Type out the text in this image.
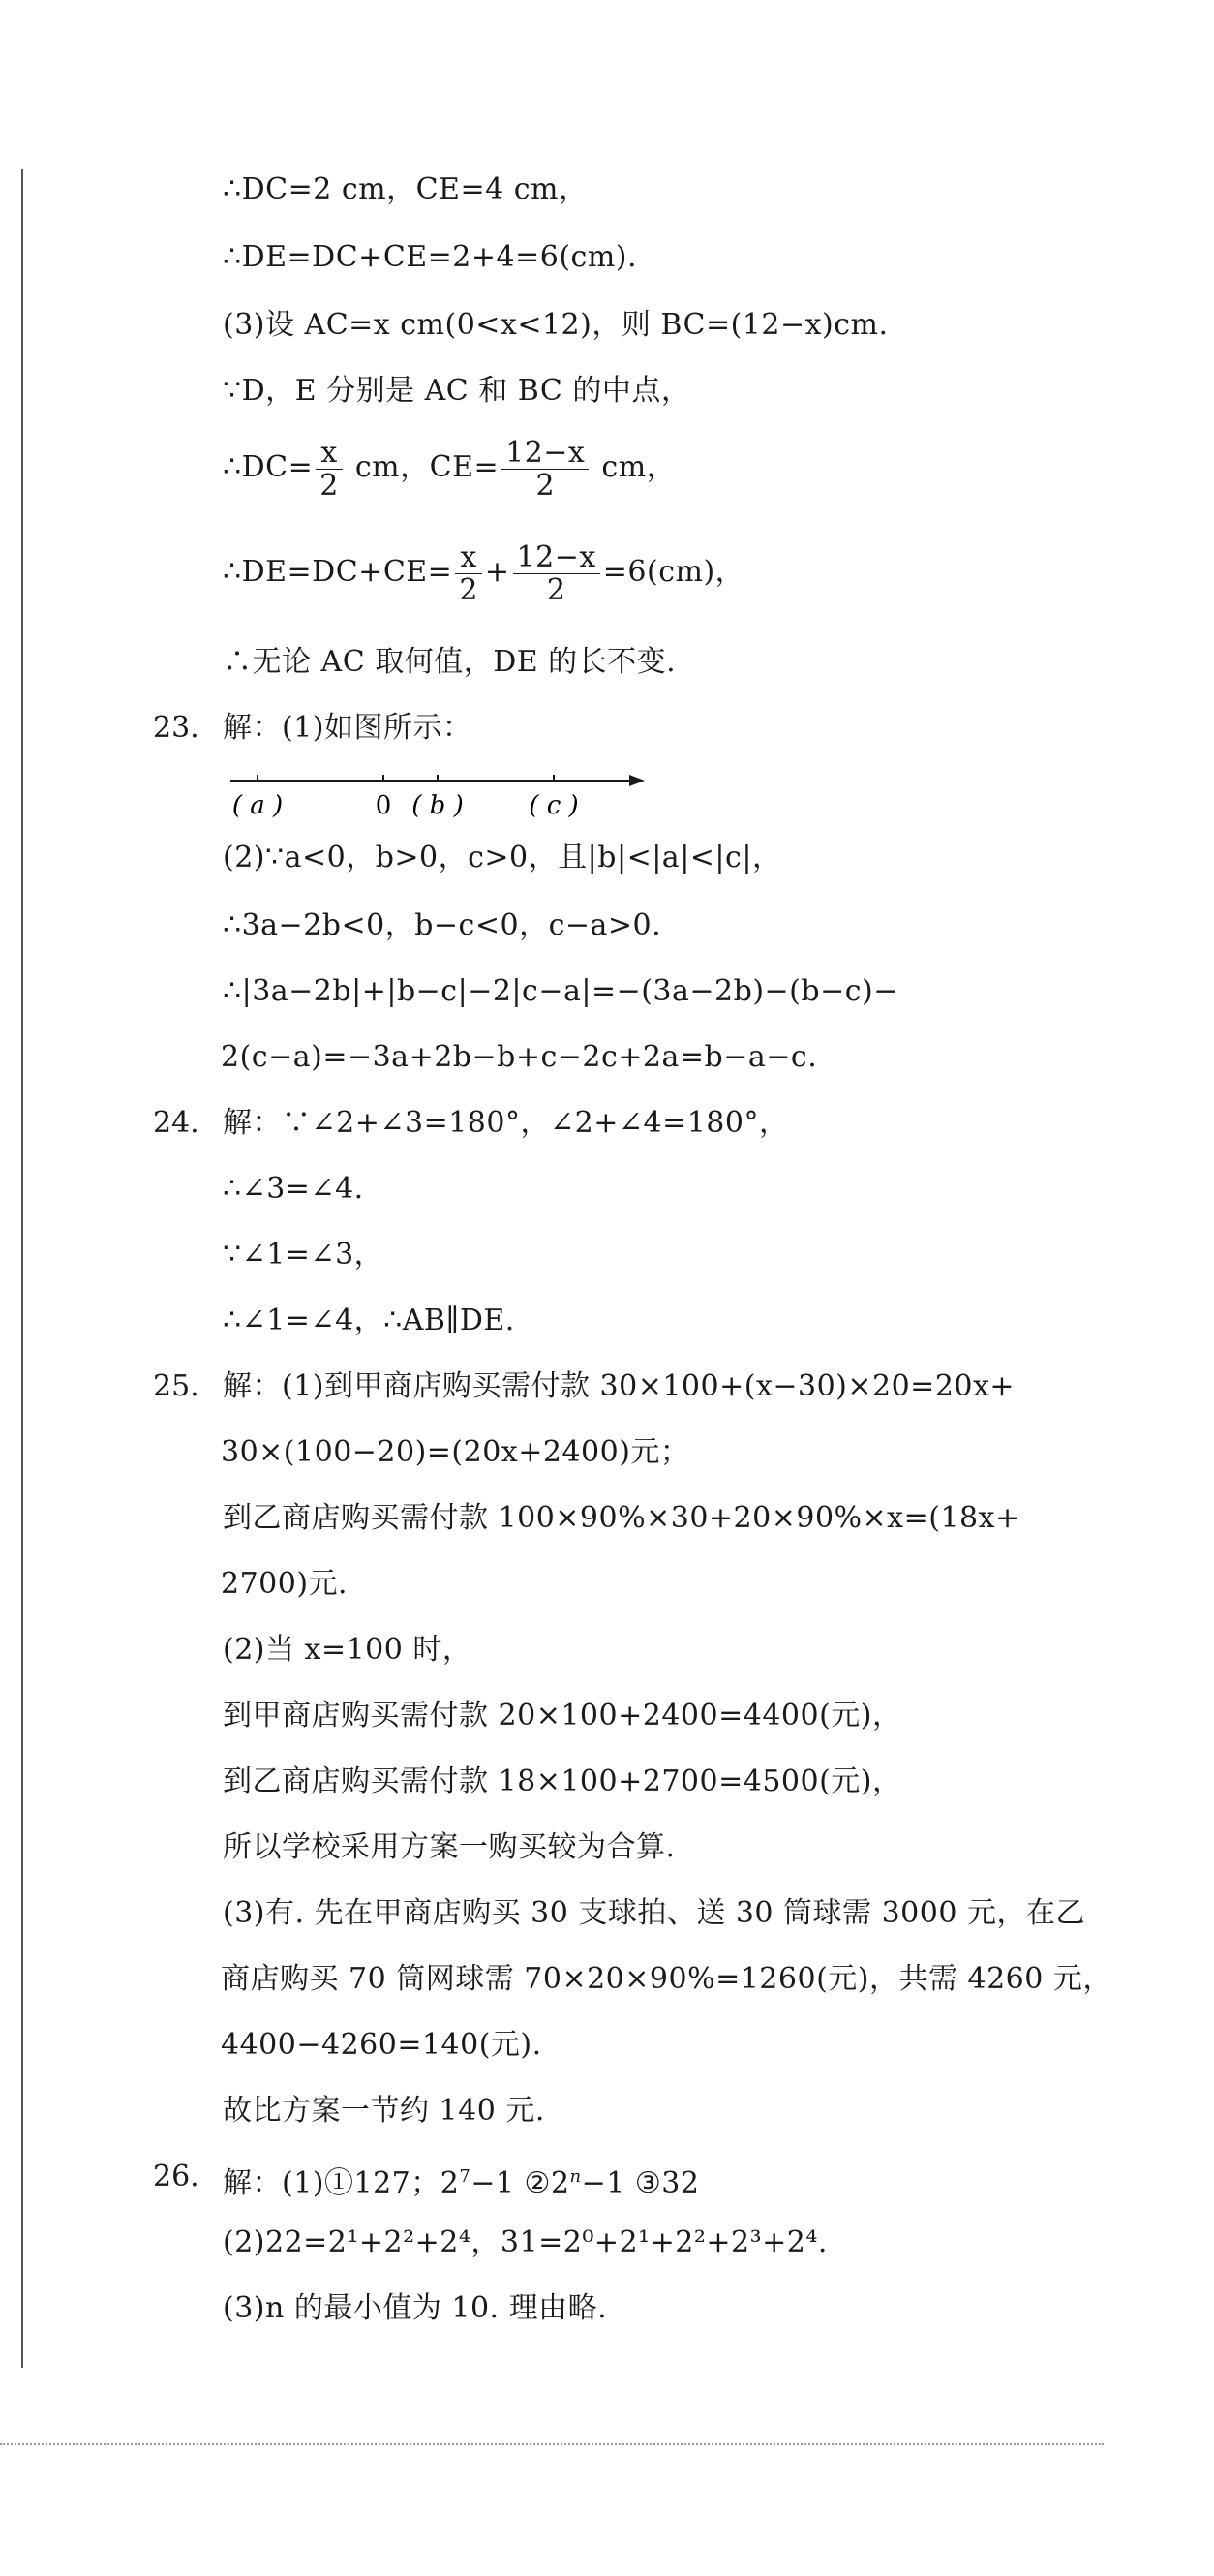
∴DC=2 cm，CE=4 cm，
∴DE=DC+CE=2+4=6(cm).
(3)设 AC=x cm(0<x<12)，则 BC=(12−x)cm.
∵D，E 分别是 AC 和 BC 的中点，
∴DC= $\frac{x}{2}$ cm，$CE= \frac{12-x}{2}$ cm，
∴DE=DC+CE= $\frac{x}{2} + \frac{12-x}{2} =6(cm)$，
∴无论 AC 取何值，DE 的长不变.
23. 解：(1)如图所示：
( a )	0 ( b )	( c )
(2)∵a<0，b>0，c>0，且|b|<|a|<|c|，
∴3a−2b<0，b−c<0，c−a>0.
∴|3a−2b|+|b−c|−2|c−a|=−(3a−2b)−(b−c)−
2(c−a)=−3a+2b−b+c−2c+2a=b−a−c.
24. 解：∵∠2+∠3=180°，∠2+∠4=180°，
∴∠3=∠4.
∵∠1=∠3，
∴∠1=∠4，∴AB∥DE.
25. 解：(1)到甲商店购买需付款 30×100+(x−30)×20=20x+
30×(100−20)=(20x+2400)元；
到乙商店购买需付款 100×90%×30+20×90%×x=(18x+
2700)元.
(2)当 x=100 时，
到甲商店购买需付款 20×100+2400=4400(元)，
到乙商店购买需付款 18×100+2700=4500(元)，
所以学校采用方案一购买较为合算.
(3)有. 先在甲商店购买 30 支球拍、送 30 筒球需 3000 元，在乙
商店购买 70 筒网球需 70×20×90%=1260(元)，共需 4260 元，
4400−4260=140(元).
故比方案一节约 140 元.
26. 解：(1)①127；$2^7-1$ $②2^n-1$ ③32
(2)22=2¹+2²+2⁴，31=2⁰+2¹+2²+2³+2⁴.
(3)n 的最小值为 10. 理由略.
